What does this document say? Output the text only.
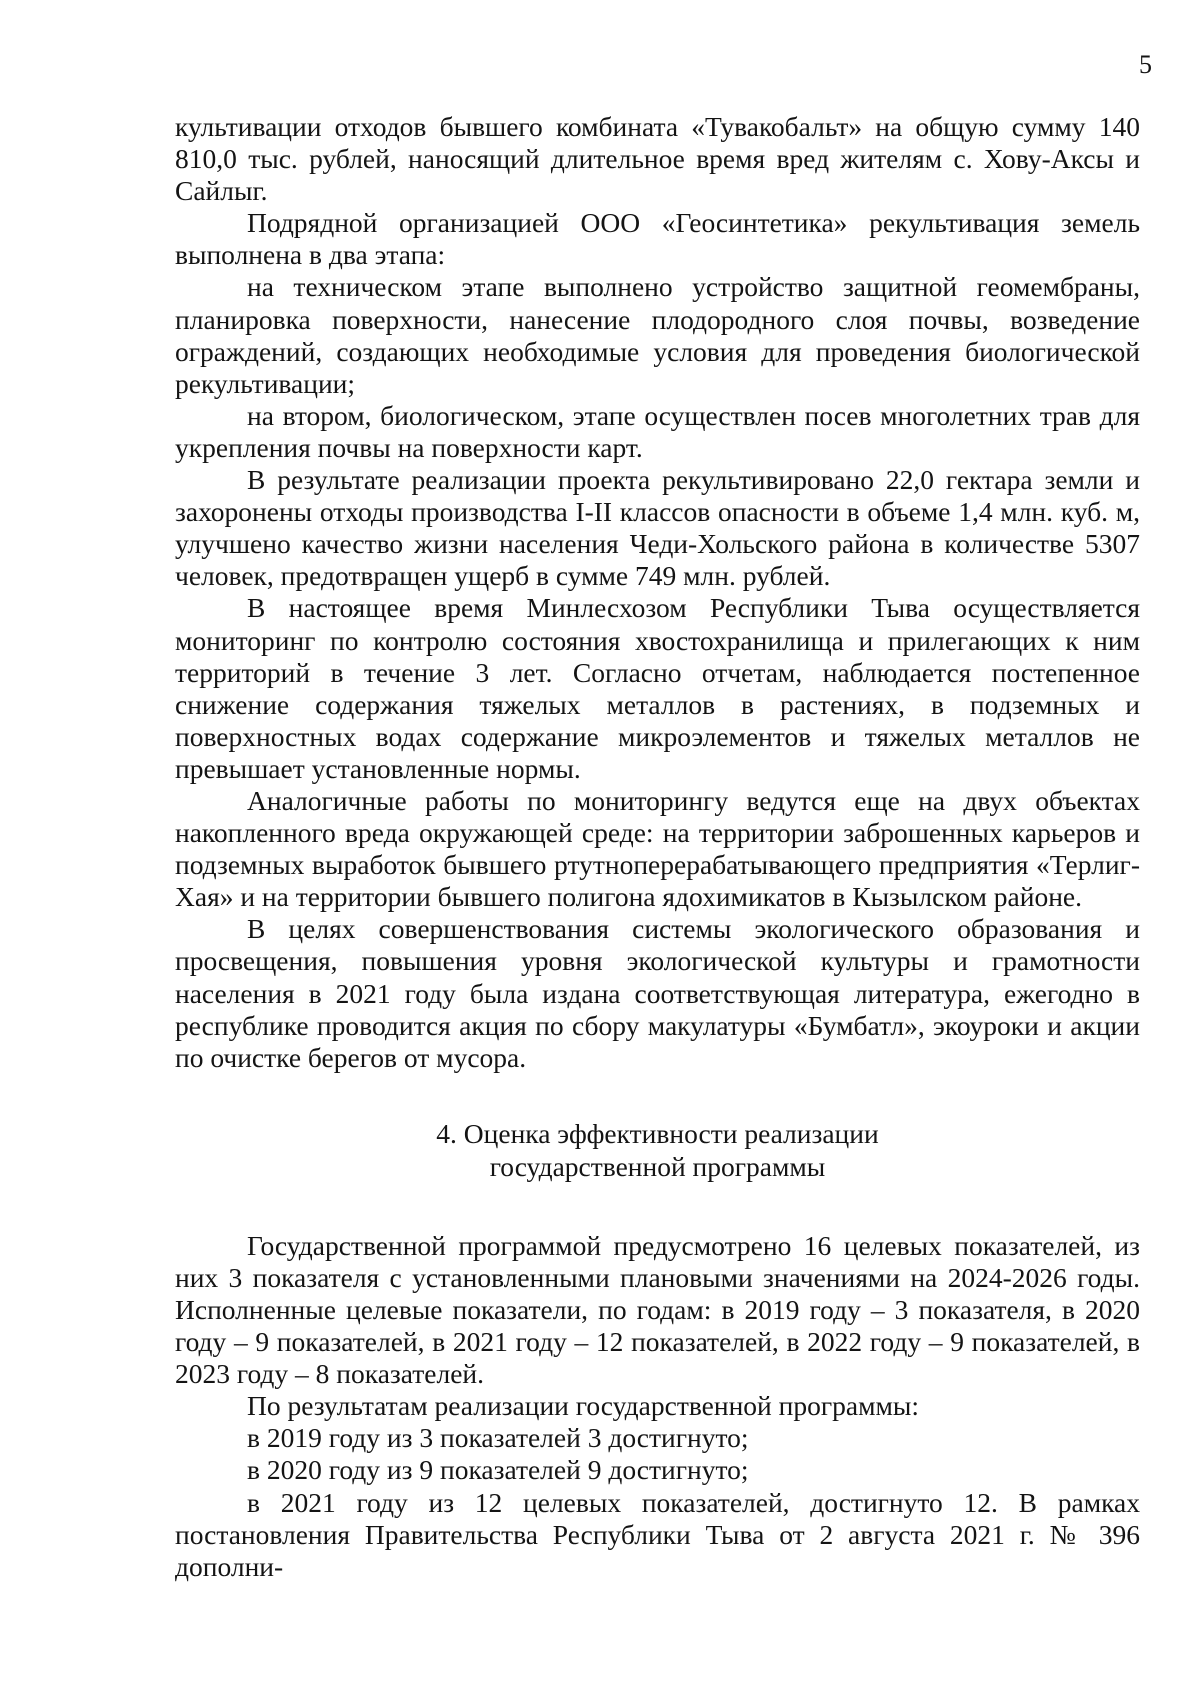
5

культивации отходов бывшего комбината «Тувакобальт» на общую сумму 140 810,0 тыс. рублей, наносящий длительное время вред жителям с. Хову-Аксы и Сайлыг.

Подрядной организацией ООО «Геосинтетика» рекультивация земель выполнена в два этапа:

на техническом этапе выполнено устройство защитной геомембраны, планировка поверхности, нанесение плодородного слоя почвы, возведение ограждений, создающих необходимые условия для проведения биологической рекультивации;

на втором, биологическом, этапе осуществлен посев многолетних трав для укрепления почвы на поверхности карт.

В результате реализации проекта рекультивировано 22,0 гектара земли и захоронены отходы производства I-II классов опасности в объеме 1,4 млн. куб. м, улучшено качество жизни населения Чеди-Хольского района в количестве 5307 человек, предотвращен ущерб в сумме 749 млн. рублей.

В настоящее время Минлесхозом Республики Тыва осуществляется мониторинг по контролю состояния хвостохранилища и прилегающих к ним территорий в течение 3 лет. Согласно отчетам, наблюдается постепенное снижение содержания тяжелых металлов в растениях, в подземных и поверхностных водах содержание микроэлементов и тяжелых металлов не превышает установленные нормы.

Аналогичные работы по мониторингу ведутся еще на двух объектах накопленного вреда окружающей среде: на территории заброшенных карьеров и подземных выработок бывшего ртутноперерабатывающего предприятия «Терлиг-Хая» и на территории бывшего полигона ядохимикатов в Кызылском районе.

В целях совершенствования системы экологического образования и просвещения, повышения уровня экологической культуры и грамотности населения в 2021 году была издана соответствующая литература, ежегодно в республике проводится акция по сбору макулатуры «Бумбатл», экоуроки и акции по очистке берегов от мусора.

4. Оценка эффективности реализации
государственной программы

Государственной программой предусмотрено 16 целевых показателей, из них 3 показателя с установленными плановыми значениями на 2024-2026 годы. Исполненные целевые показатели, по годам: в 2019 году – 3 показателя, в 2020 году – 9 показателей, в 2021 году – 12 показателей, в 2022 году – 9 показателей, в 2023 году – 8 показателей.

По результатам реализации государственной программы:

в 2019 году из 3 показателей 3 достигнуто;

в 2020 году из 9 показателей 9 достигнуто;

в 2021 году из 12 целевых показателей, достигнуто 12. В рамках постановления Правительства Республики Тыва от 2 августа 2021 г. № 396 дополни-
